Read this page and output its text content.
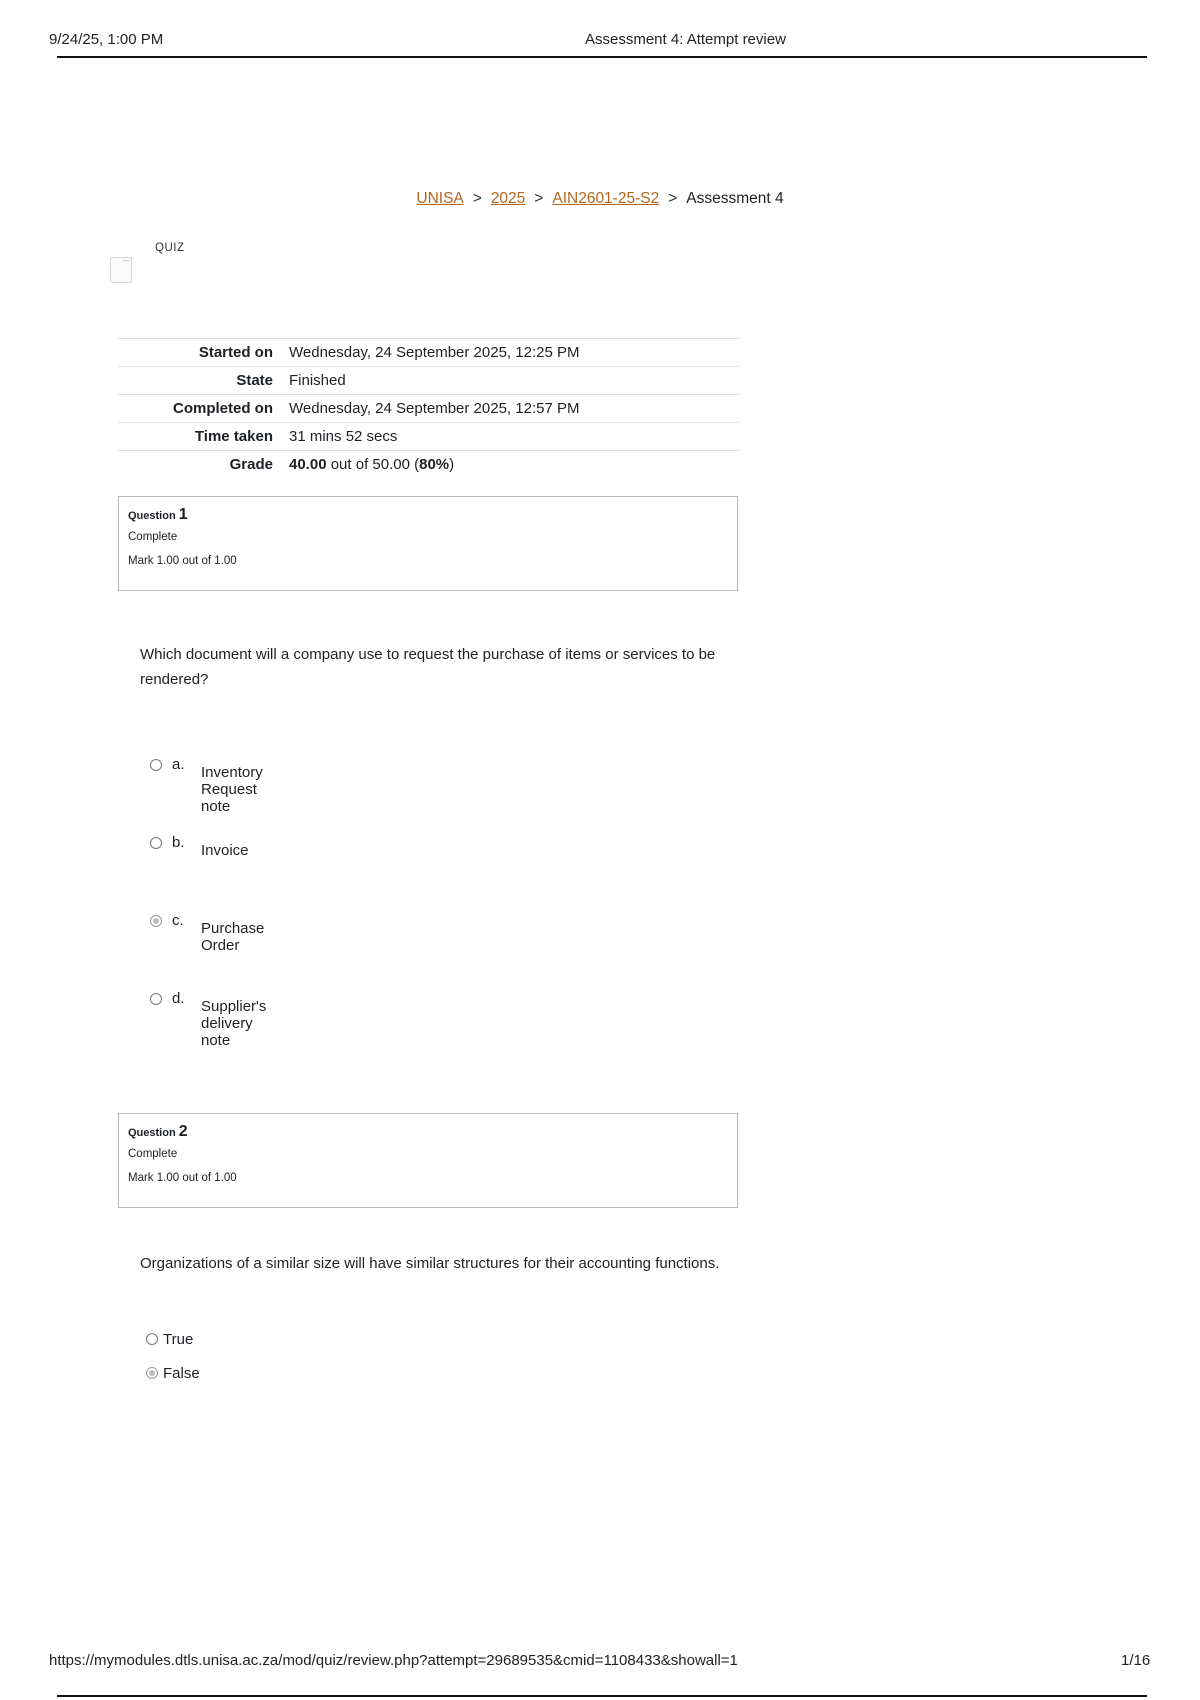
9/24/25, 1:00 PM	Assessment 4: Attempt review
UNISA > 2025 > AIN2601-25-S2 > Assessment 4
QUIZ
Started on	Wednesday, 24 September 2025, 12:25 PM
State	Finished
Completed on	Wednesday, 24 September 2025, 12:57 PM
Time taken	31 mins 52 secs
Grade	40.00 out of 50.00 (80%)
Question 1
Complete
Mark 1.00 out of 1.00
Which document will a company use to request the purchase of items or services to be rendered?
a. Inventory Request note
b. Invoice
c. Purchase Order
d. Supplier's delivery note
Question 2
Complete
Mark 1.00 out of 1.00
Organizations of a similar size will have similar structures for their accounting functions.
True
False
https://mymodules.dtls.unisa.ac.za/mod/quiz/review.php?attempt=29689535&cmid=1108433&showall=1	1/16
